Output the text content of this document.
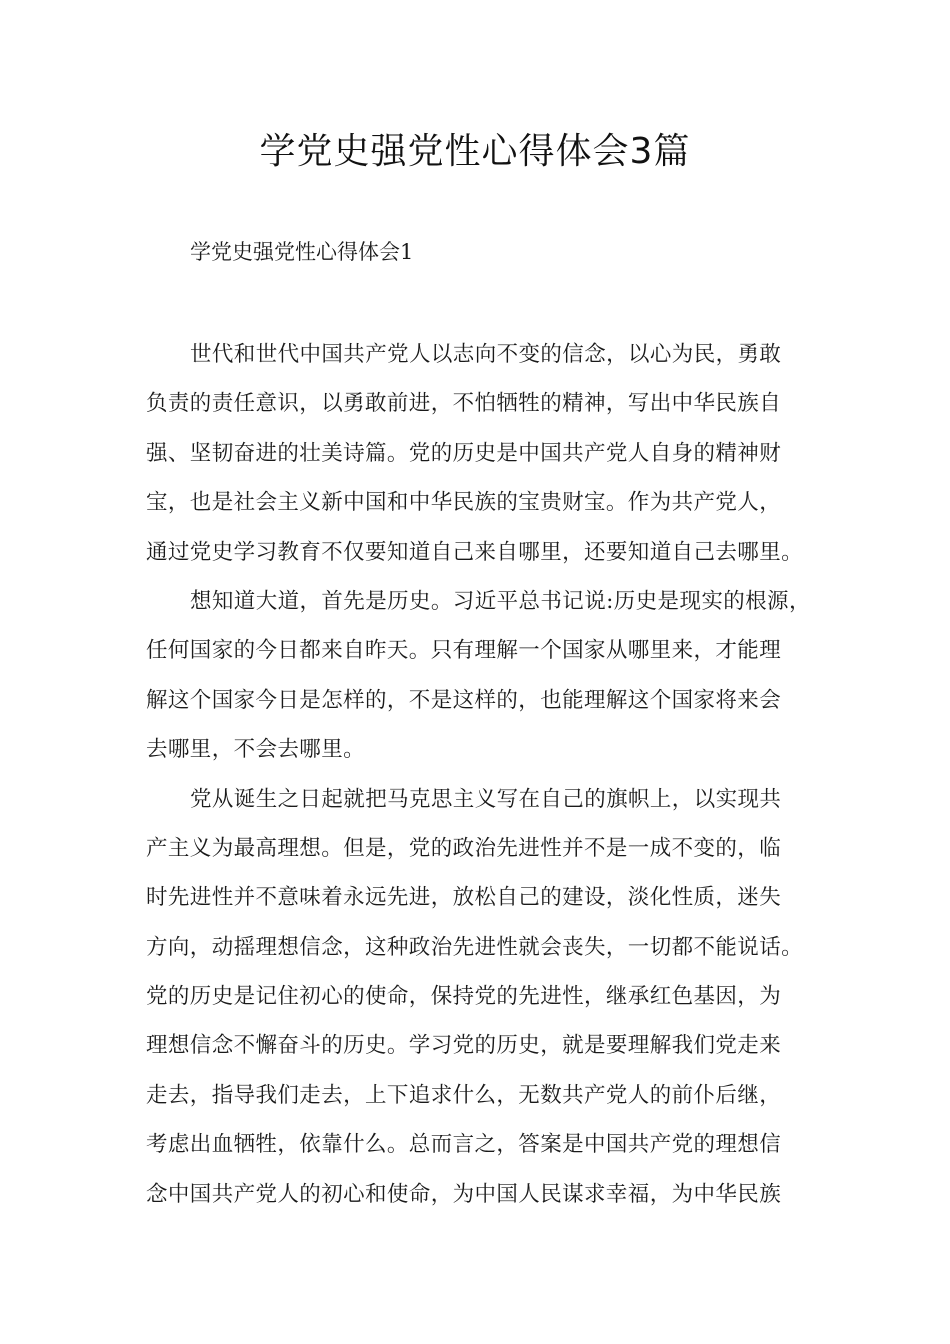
学党史强党性心得体会3篇

学党史强党性心得体会1

世代和世代中国共产党人以志向不变的信念，以心为民，勇敢
负责的责任意识，以勇敢前进，不怕牺牲的精神，写出中华民族自
强、坚韧奋进的壮美诗篇。党的历史是中国共产党人自身的精神财
宝，也是社会主义新中国和中华民族的宝贵财宝。作为共产党人，
通过党史学习教育不仅要知道自己来自哪里，还要知道自己去哪里。
想知道大道，首先是历史。习近平总书记说:历史是现实的根源，
任何国家的今日都来自昨天。只有理解一个国家从哪里来，才能理
解这个国家今日是怎样的，不是这样的，也能理解这个国家将来会
去哪里，不会去哪里。
党从诞生之日起就把马克思主义写在自己的旗帜上，以实现共
产主义为最高理想。但是，党的政治先进性并不是一成不变的，临
时先进性并不意味着永远先进，放松自己的建设，淡化性质，迷失
方向，动摇理想信念，这种政治先进性就会丧失，一切都不能说话。
党的历史是记住初心的使命，保持党的先进性，继承红色基因，为
理想信念不懈奋斗的历史。学习党的历史，就是要理解我们党走来
走去，指导我们走去，上下追求什么，无数共产党人的前仆后继，
考虑出血牺牲，依靠什么。总而言之，答案是中国共产党的理想信
念中国共产党人的初心和使命，为中国人民谋求幸福，为中华民族
